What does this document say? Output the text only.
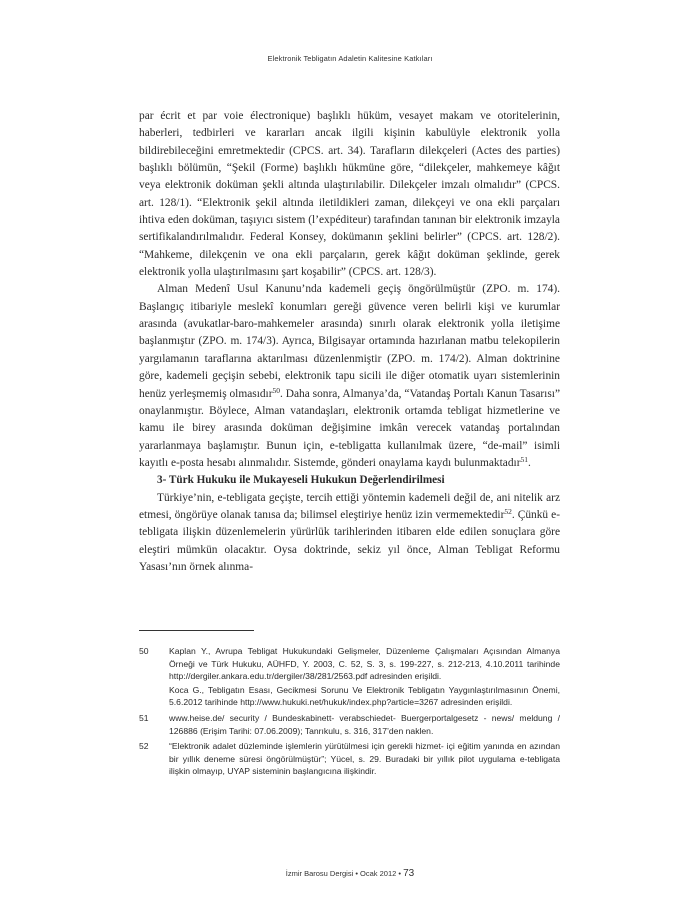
Elektronik Tebligatın Adaletin Kalitesine Katkıları

par écrit et par voie électronique) başlıklı hüküm, vesayet makam ve otoritelerinin, haberleri, tedbirleri ve kararları ancak ilgili kişinin kabulüyle elektronik yolla bildirebileceğini emretmektedir (CPCS. art. 34). Tarafların dilekçeleri (Actes des parties) başlıklı bölümün, “Şekil (Forme) başlıklı hükmüne göre, “dilekçeler, mahkemeye kâğıt veya elektronik doküman şekli altında ulaştırılabilir. Dilekçeler imzalı olmalıdır” (CPCS. art. 128/1). “Elektronik şekil altında iletildikleri zaman, dilekçeyi ve ona ekli parçaları ihtiva eden doküman, taşıyıcı sistem (l’expéditeur) tarafından tanınan bir elektronik imzayla sertifikalandırılmalıdır. Federal Konsey, dokümanın şeklini belirler” (CPCS. art. 128/2). “Mahkeme, dilekçenin ve ona ekli parçaların, gerek kâğıt doküman şeklinde, gerek elektronik yolla ulaştırılmasını şart koşabilir” (CPCS. art. 128/3).

Alman Medenî Usul Kanunu’nda kademeli geçiş öngörülmüştür (ZPO. m. 174). Başlangıç itibariyle meslekî konumları gereği güvence veren belirli kişi ve kurumlar arasında (avukatlar-baro-mahkemeler arasında) sınırlı olarak elektronik yolla iletişime başlanmıştır (ZPO. m. 174/3). Ayrıca, Bilgisayar ortamında hazırlanan matbu telekopilerin yargılamanın taraflarına aktarılması düzenlenmiştir (ZPO. m. 174/2). Alman doktrinine göre, kademeli geçişin sebebi, elektronik tapu sicili ile diğer otomatik uyarı sistemlerinin henüz yerleşmemiş olmasıdır$^{50}$. Daha sonra, Almanya’da, “Vatandaş Portalı Kanun Tasarısı” onaylanmıştır. Böylece, Alman vatandaşları, elektronik ortamda tebligat hizmetlerine ve kamu ile birey arasında doküman değişimine imkân verecek vatandaş portalından yararlanmaya başlamıştır. Bunun için, e-tebligatta kullanılmak üzere, “de-mail” isimli kayıtlı e-posta hesabı alınmalıdır. Sistemde, gönderi onaylama kaydı bulunmaktadır$^{51}$.

3- Türk Hukuku ile Mukayeseli Hukukun Değerlendirilmesi

Türkiye’nin, e-tebligata geçişte, tercih ettiği yöntemin kademeli değil de, ani nitelik arz etmesi, öngörüye olanak tanısa da; bilimsel eleştiriye henüz izin vermemektedir$^{52}$. Çünkü e-tebligata ilişkin düzenlemelerin yürürlük tarihlerinden itibaren elde edilen sonuçlara göre eleştiri mümkün olacaktır. Oysa doktrinde, sekiz yıl önce, Alman Tebligat Reformu Yasası’nın örnek alınma-

50	Kaplan Y., Avrupa Tebligat Hukukundaki Gelişmeler, Düzenleme Çalışmaları Açısından Almanya Örneği ve Türk Hukuku, AÜHFD, Y. 2003, C. 52, S. 3, s. 199-227, s. 212-213, 4.10.2011 tarihinde http://dergiler.ankara.edu.tr/dergiler/38/281/2563.pdf adresinden erişildi.

Koca G., Tebligatın Esası, Gecikmesi Sorunu Ve Elektronik Tebligatın Yaygınlaştırılmasının Önemi, 5.6.2012 tarihinde http://www.hukuki.net/hukuk/index.php?article=3267 adresinden erişildi.

51	www.heise.de/ security / Bundeskabinett- verabschiedet- Buergerportalgesetz - news/ meldung / 126886 (Erişim Tarihi: 07.06.2009); Tanrıkulu, s. 316, 317’den naklen.

52	“Elektronik adalet düzleminde işlemlerin yürütülmesi için gerekli hizmet- içi eğitim yanında en azından bir yıllık deneme süresi öngörülmüştür”; Yücel, s. 29. Buradaki bir yıllık pilot uygulama e-tebligata ilişkin olmayıp, UYAP sisteminin başlangıcına ilişkindir.

İzmir Barosu Dergisi • Ocak 2012 • 73
